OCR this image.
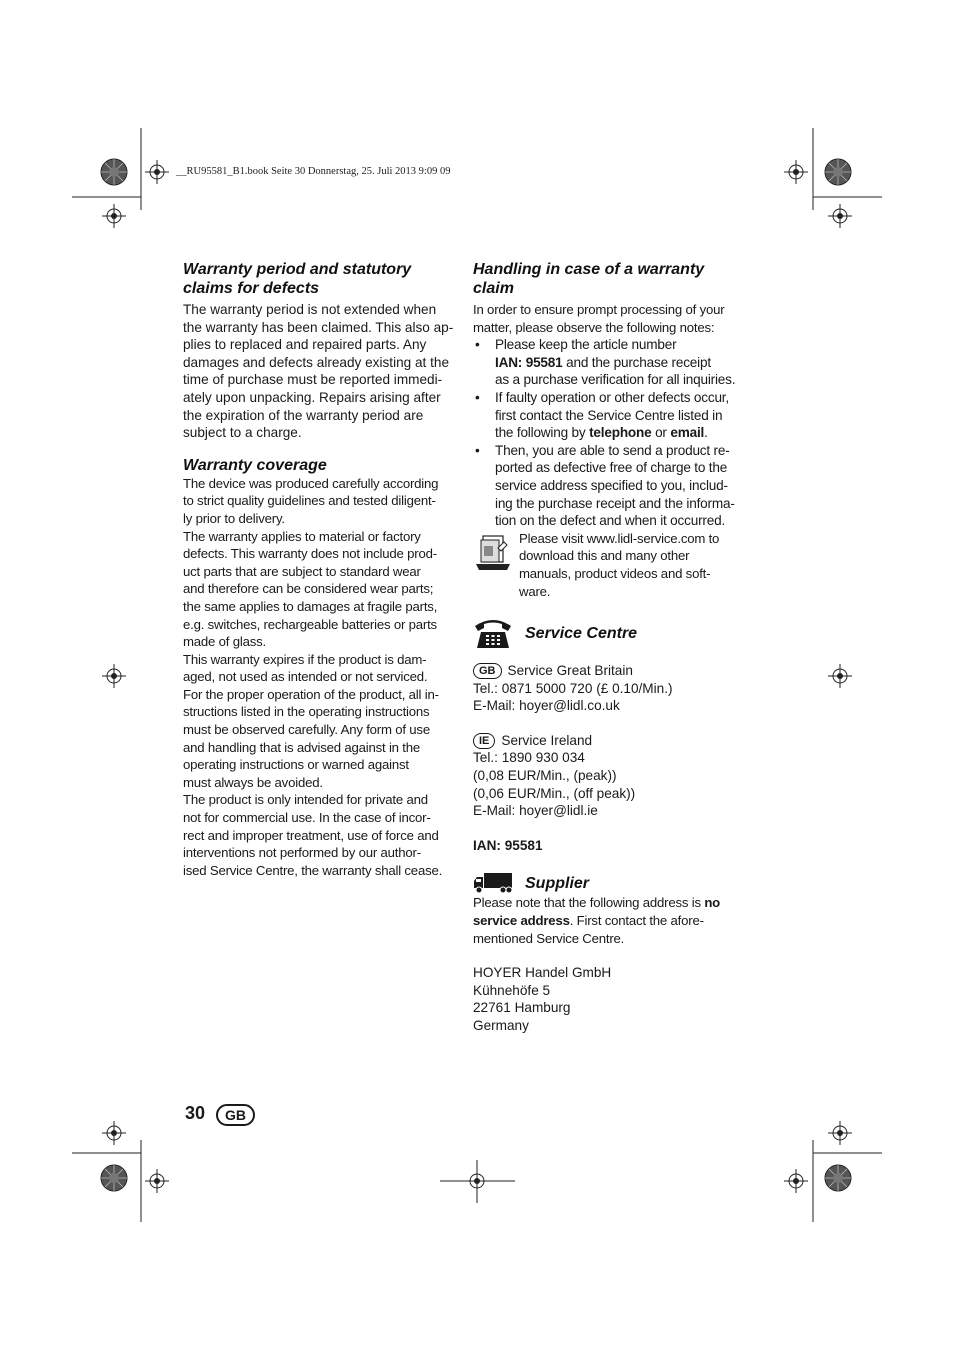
__RU95581_B1.book Seite 30 Donnerstag, 25. Juli 2013 9:09 09
Warranty period and statutory
claims for defects

The warranty period is not extended when
the warranty has been claimed. This also ap-
plies to replaced and repaired parts. Any
damages and defects already existing at the
time of purchase must be reported immedi-
ately upon unpacking. Repairs arising after
the expiration of the warranty period are
subject to a charge.

Warranty coverage

The device was produced carefully according
to strict quality guidelines and tested diligent-
ly prior to delivery.
The warranty applies to material or factory
defects. This warranty does not include prod-
uct parts that are subject to standard wear
and therefore can be considered wear parts;
the same applies to damages at fragile parts,
e.g. switches, rechargeable batteries or parts
made of glass.
This warranty expires if the product is dam-
aged, not used as intended or not serviced.
For the proper operation of the product, all in-
structions listed in the operating instructions
must be observed carefully. Any form of use
and handling that is advised against in the
operating instructions or warned against
must always be avoided.
The product is only intended for private and
not for commercial use. In the case of incor-
rect and improper treatment, use of force and
interventions not performed by our author-
ised Service Centre, the warranty shall cease.

Handling in case of a warranty
claim

In order to ensure prompt processing of your
matter, please observe the following notes:

• Please keep the article number
IAN: 95581 and the purchase receipt
as a purchase verification for all inquiries.
• If faulty operation or other defects occur,
first contact the Service Centre listed in
the following by telephone or email.
• Then, you are able to send a product re-
ported as defective free of charge to the
service address specified to you, includ-
ing the purchase receipt and the informa-
tion on the defect and when it occurred.

Please visit www.lidl-service.com to
download this and many other
manuals, product videos and soft-
ware.

Service Centre

GB Service Great Britain
Tel.: 0871 5000 720 (£ 0.10/Min.)
E-Mail: hoyer@lidl.co.uk

IE Service Ireland
Tel.: 1890 930 034
(0,08 EUR/Min., (peak))
(0,06 EUR/Min., (off peak))
E-Mail: hoyer@lidl.ie

IAN: 95581

Supplier

Please note that the following address is no
service address. First contact the afore-
mentioned Service Centre.

HOYER Handel GmbH
Kühnehöfe 5
22761 Hamburg
Germany

30	GB
